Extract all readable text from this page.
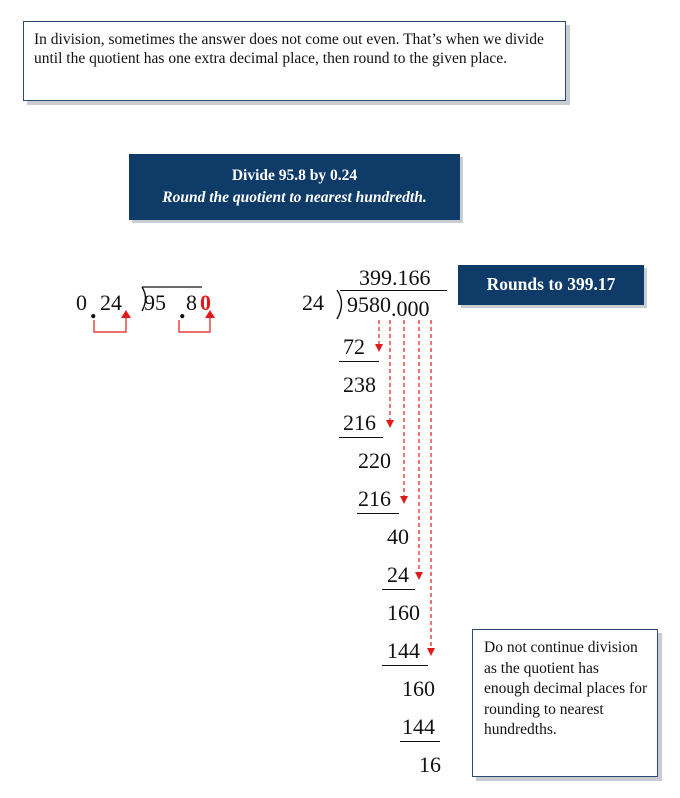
In division, sometimes the answer does not come out even. That’s when we divide until the quotient has one extra decimal place, then round to the given place.
Divide 95.8 by 0.24
Round the quotient to nearest hundredth.
0 . 24 95 . 8 0
399.166
24 9580.000
Rounds to 399.17
72
238
216
220
216
40
24
160
144
160
144
16
Do not continue division as the quotient has enough decimal places for rounding to nearest hundredths.
